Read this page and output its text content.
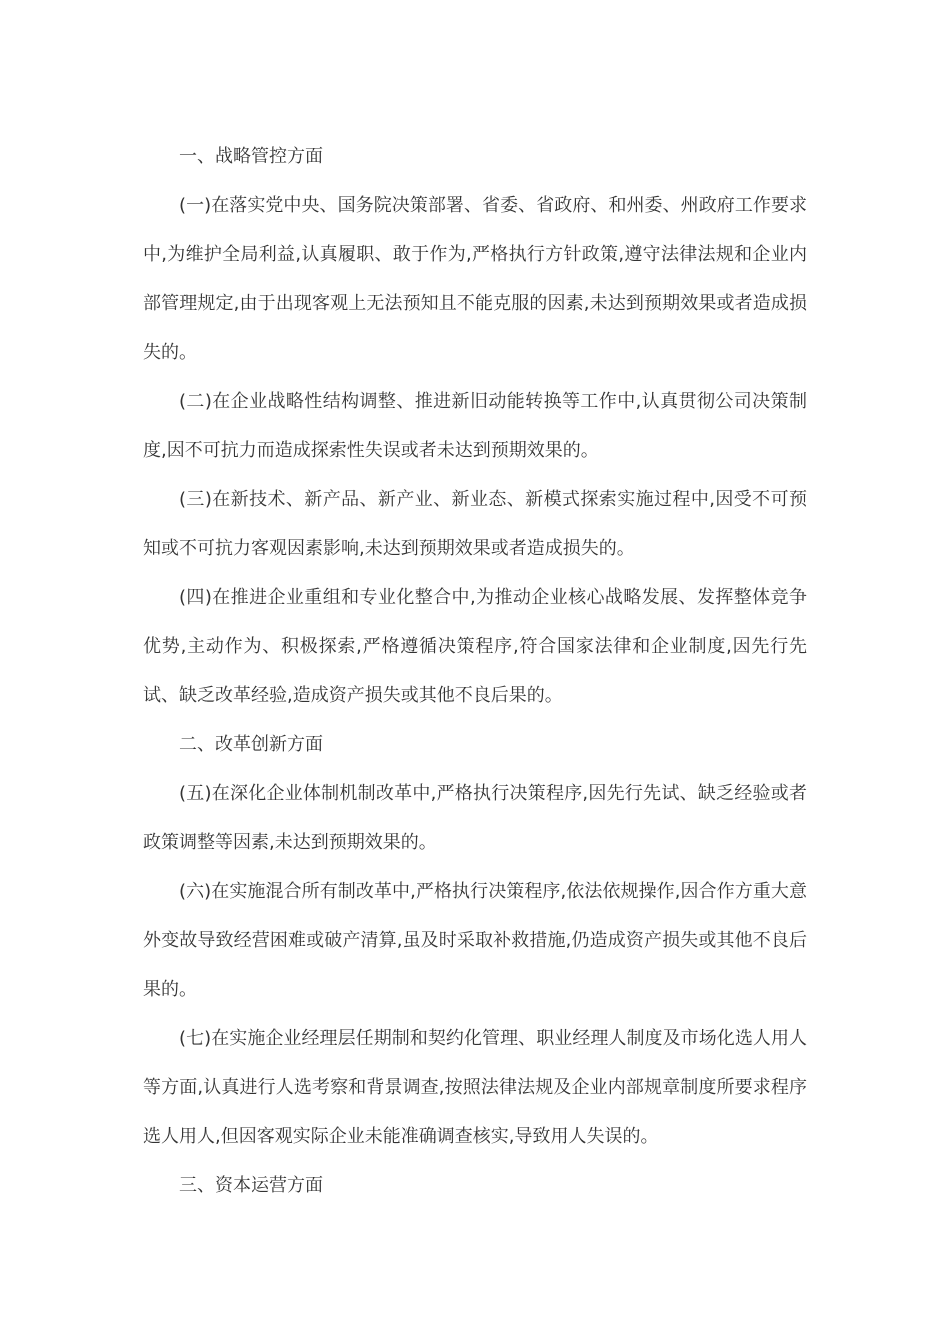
一、战略管控方面

(一)在落实党中央、国务院决策部署、省委、省政府、和州委、州政府工作要求中,为维护全局利益,认真履职、敢于作为,严格执行方针政策,遵守法律法规和企业内部管理规定,由于出现客观上无法预知且不能克服的因素,未达到预期效果或者造成损失的。

(二)在企业战略性结构调整、推进新旧动能转换等工作中,认真贯彻公司决策制度,因不可抗力而造成探索性失误或者未达到预期效果的。

(三)在新技术、新产品、新产业、新业态、新模式探索实施过程中,因受不可预知或不可抗力客观因素影响,未达到预期效果或者造成损失的。

(四)在推进企业重组和专业化整合中,为推动企业核心战略发展、发挥整体竞争优势,主动作为、积极探索,严格遵循决策程序,符合国家法律和企业制度,因先行先试、缺乏改革经验,造成资产损失或其他不良后果的。

二、改革创新方面

(五)在深化企业体制机制改革中,严格执行决策程序,因先行先试、缺乏经验或者政策调整等因素,未达到预期效果的。

(六)在实施混合所有制改革中,严格执行决策程序,依法依规操作,因合作方重大意外变故导致经营困难或破产清算,虽及时采取补救措施,仍造成资产损失或其他不良后果的。

(七)在实施企业经理层任期制和契约化管理、职业经理人制度及市场化选人用人等方面,认真进行人选考察和背景调查,按照法律法规及企业内部规章制度所要求程序选人用人,但因客观实际企业未能准确调查核实,导致用人失误的。

三、资本运营方面
